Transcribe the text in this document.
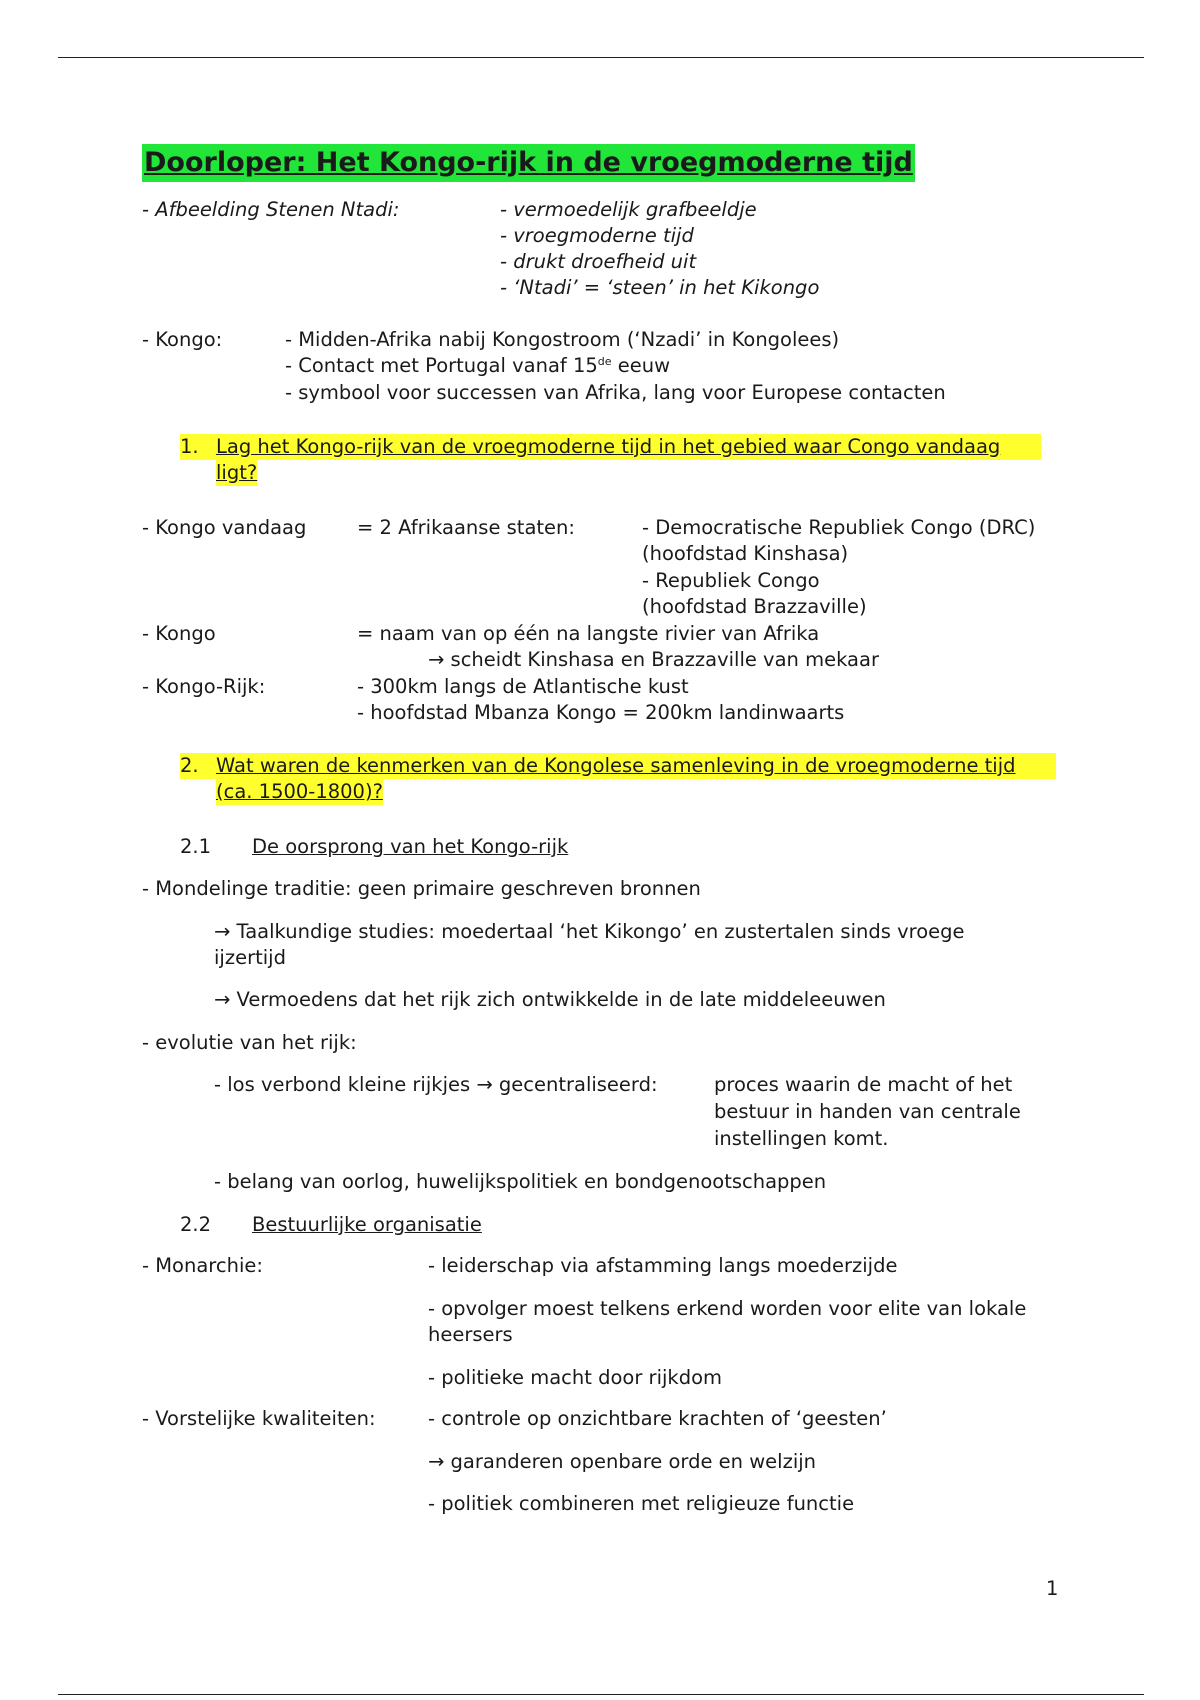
Doorloper: Het Kongo-rijk in de vroegmoderne tijd
- Afbeelding Stenen Ntadi:	- vermoedelijk grafbeeldje
- vroegmoderne tijd
- drukt droefheid uit
- ‘Ntadi’ = ‘steen’ in het Kikongo
- Kongo:	- Midden-Afrika nabij Kongostroom (‘Nzadi’ in Kongolees)
- Contact met Portugal vanaf 15de eeuw
- symbool voor successen van Afrika, lang voor Europese contacten
1. Lag het Kongo-rijk van de vroegmoderne tijd in het gebied waar Congo vandaag
ligt?
- Kongo vandaag	= 2 Afrikaanse staten:	- Democratische Republiek Congo (DRC)
(hoofdstad Kinshasa)
- Republiek Congo
(hoofdstad Brazzaville)
- Kongo	= naam van op één na langste rivier van Afrika
→ scheidt Kinshasa en Brazzaville van mekaar
- Kongo-Rijk:	- 300km langs de Atlantische kust
- hoofdstad Mbanza Kongo = 200km landinwaarts
2. Wat waren de kenmerken van de Kongolese samenleving in de vroegmoderne tijd
(ca. 1500-1800)?
2.1 De oorsprong van het Kongo-rijk
- Mondelinge traditie: geen primaire geschreven bronnen
→ Taalkundige studies: moedertaal ‘het Kikongo’ en zustertalen sinds vroege
ijzertijd
→ Vermoedens dat het rijk zich ontwikkelde in de late middeleeuwen
- evolutie van het rijk:
- los verbond kleine rijkjes → gecentraliseerd:	proces waarin de macht of het
bestuur in handen van centrale
instellingen komt.
- belang van oorlog, huwelijkspolitiek en bondgenootschappen
2.2 Bestuurlijke organisatie
- Monarchie:	- leiderschap via afstamming langs moederzijde
- opvolger moest telkens erkend worden voor elite van lokale
heersers
- politieke macht door rijkdom
- Vorstelijke kwaliteiten:	- controle op onzichtbare krachten of ‘geesten’
→ garanderen openbare orde en welzijn
- politiek combineren met religieuze functie
1
